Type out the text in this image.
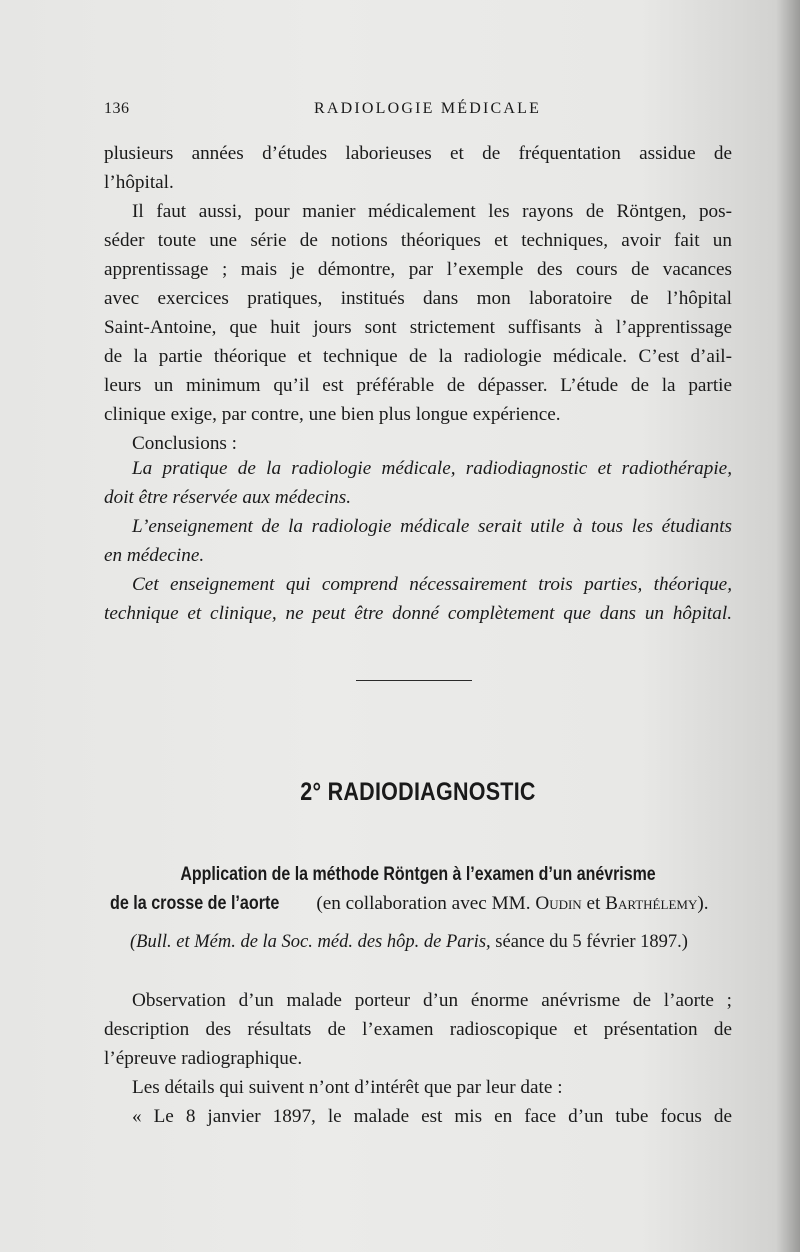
136	RADIOLOGIE MÉDICALE

plusieurs années d’études laborieuses et de fréquentation assidue de

l’hôpital.

Il faut aussi, pour manier médicalement les rayons de Röntgen, pos-

séder toute une série de notions théoriques et techniques, avoir fait un

apprentissage ; mais je démontre, par l’exemple des cours de vacances

avec exercices pratiques, institués dans mon laboratoire de l’hôpital

Saint-Antoine, que huit jours sont strictement suffisants à l’apprentissage

de la partie théorique et technique de la radiologie médicale. C’est d’ail-

leurs un minimum qu’il est préférable de dépasser. L’étude de la partie

clinique exige, par contre, une bien plus longue expérience.

Conclusions :

La pratique de la radiologie médicale, radiodiagnostic et radiothérapie,

doit être réservée aux médecins.

L’enseignement de la radiologie médicale serait utile à tous les étudiants

en médecine.

Cet enseignement qui comprend nécessairement trois parties, théorique,

technique et clinique, ne peut être donné complètement que dans un hôpital.

2° RADIODIAGNOSTIC
Application de la méthode Röntgen à l’examen d’un anévrisme
de la crosse de l’aorte (en collaboration avec MM. Oudin et Barthélemy).
(Bull. et Mém. de la Soc. méd. des hôp. de Paris, séance du 5 février 1897.)

Observation d’un malade porteur d’un énorme anévrisme de l’aorte ;

description des résultats de l’examen radioscopique et présentation de

l’épreuve radiographique.

Les détails qui suivent n’ont d’intérêt que par leur date :

« Le 8 janvier 1897, le malade est mis en face d’un tube focus de
